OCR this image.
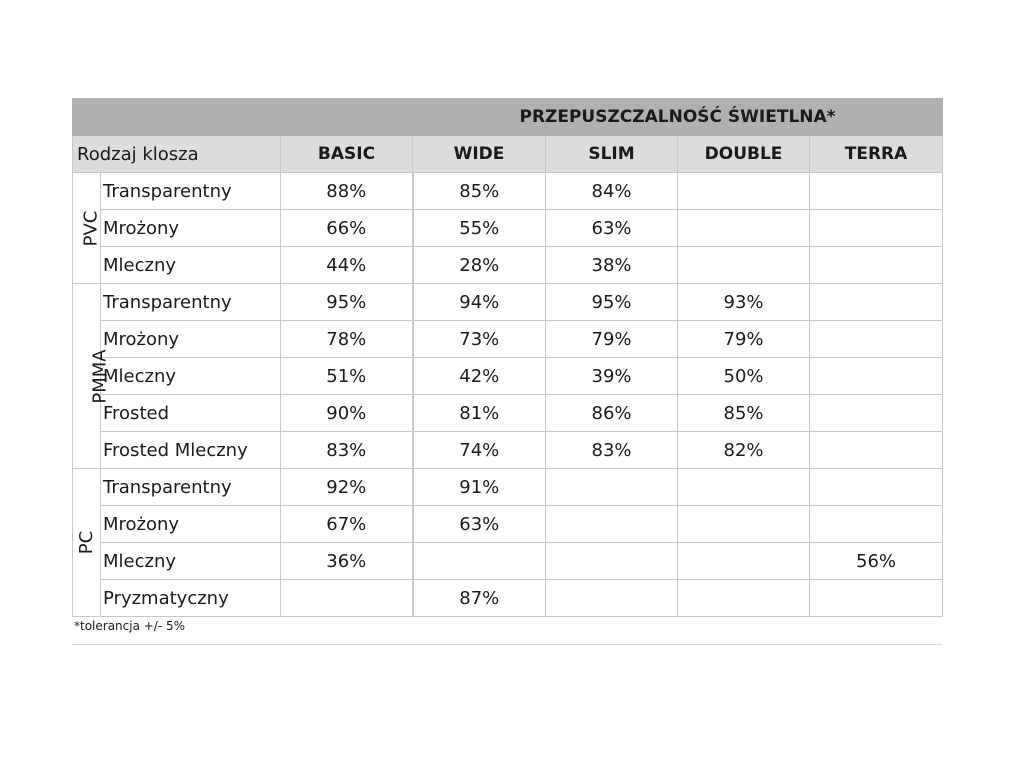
			PRZEPUSZCZALNOŚĆ ŚWIETLNA*			
Rodzaj klosza		BASIC	WIDE	SLIM	DOUBLE	TERRA
PVC	Transparentny	88%	85%	84%		
	Mrożony	66%	55%	63%		
	Mleczny	44%	28%	38%		
PMMA	Transparentny	95%	94%	95%	93%	
	Mrożony	78%	73%	79%	79%	
	Mleczny	51%	42%	39%	50%	
	Frosted	90%	81%	86%	85%	
	Frosted Mleczny	83%	74%	83%	82%	
PC	Transparentny	92%	91%			
	Mrożony	67%	63%			
	Mleczny	36%				56%
	Pryzmatyczny		87%			
*tolerancja +/- 5%
